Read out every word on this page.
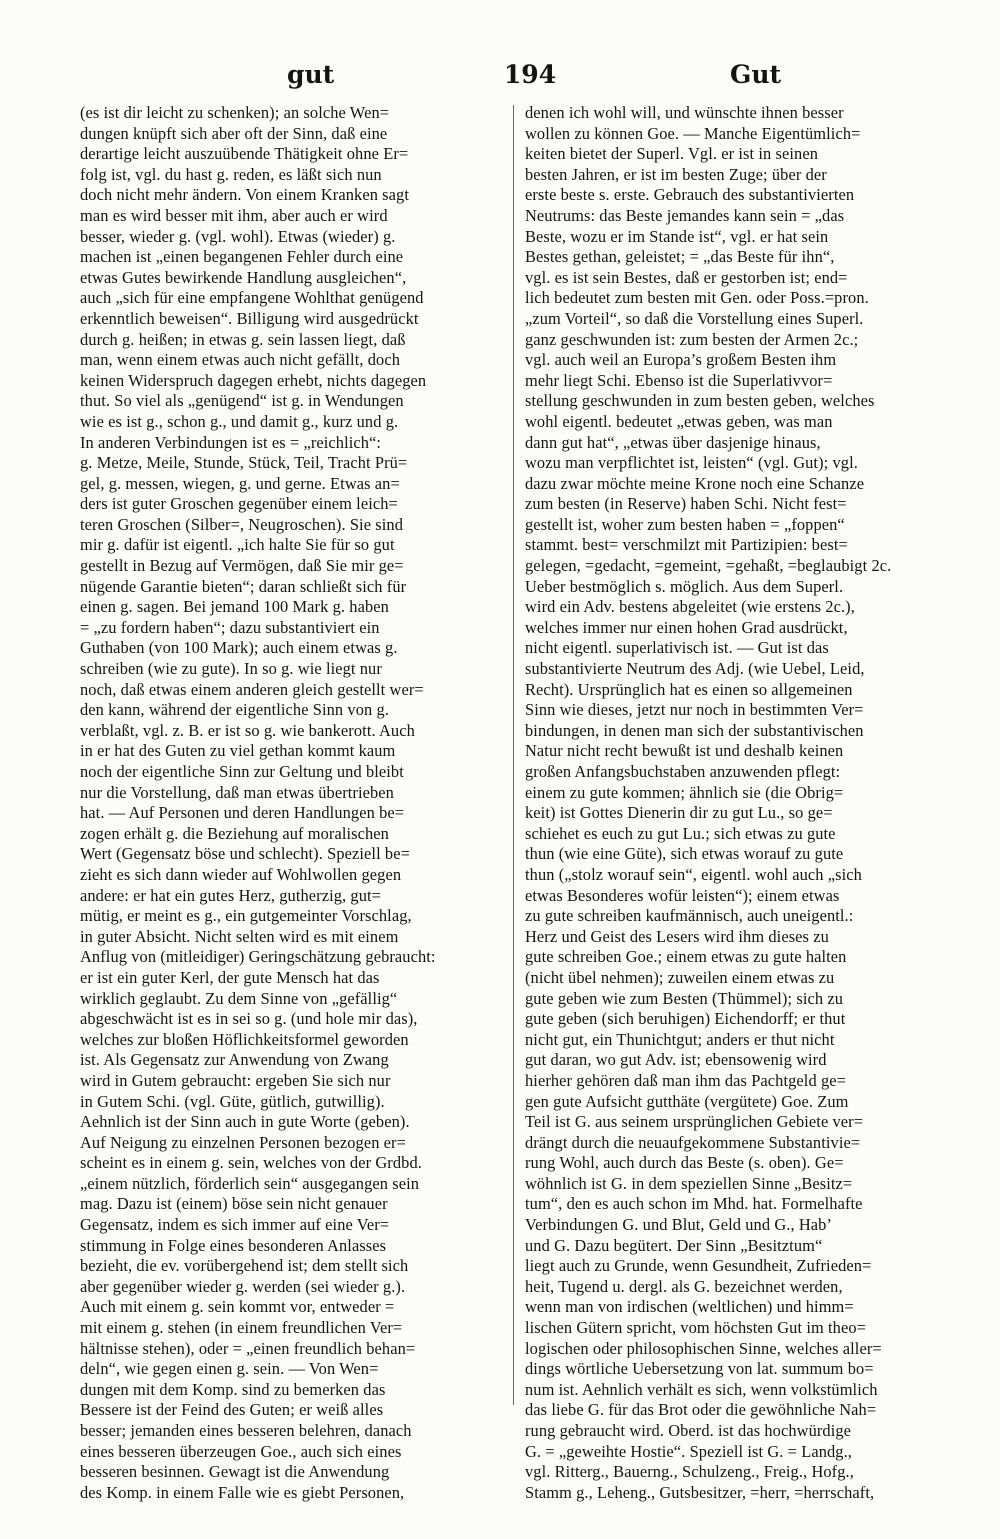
gut	194	Gut
(es ist dir leicht zu schenken); an solche Wen=
dungen knüpft sich aber oft der Sinn, daß eine
derartige leicht auszuübende Thätigkeit ohne Er=
folg ist, vgl. du hast g. reden, es läßt sich nun
doch nicht mehr ändern. Von einem Kranken sagt
man es wird besser mit ihm, aber auch er wird
besser, wieder g. (vgl. wohl). Etwas (wieder) g.
machen ist „einen begangenen Fehler durch eine
etwas Gutes bewirkende Handlung ausgleichen“,
auch „sich für eine empfangene Wohlthat genügend
erkenntlich beweisen“. Billigung wird ausgedrückt
durch g. heißen; in etwas g. sein lassen liegt, daß
man, wenn einem etwas auch nicht gefällt, doch
keinen Widerspruch dagegen erhebt, nichts dagegen
thut. So viel als „genügend“ ist g. in Wendungen
wie es ist g., schon g., und damit g., kurz und g.
In anderen Verbindungen ist es = „reichlich“:
g. Metze, Meile, Stunde, Stück, Teil, Tracht Prü=
gel, g. messen, wiegen, g. und gerne. Etwas an=
ders ist guter Groschen gegenüber einem leich=
teren Groschen (Silber=, Neugroschen). Sie sind
mir g. dafür ist eigentl. „ich halte Sie für so gut
gestellt in Bezug auf Vermögen, daß Sie mir ge=
nügende Garantie bieten“; daran schließt sich für
einen g. sagen. Bei jemand 100 Mark g. haben
= „zu fordern haben“; dazu substantiviert ein
Guthaben (von 100 Mark); auch einem etwas g.
schreiben (wie zu gute). In so g. wie liegt nur
noch, daß etwas einem anderen gleich gestellt wer=
den kann, während der eigentliche Sinn von g.
verblaßt, vgl. z. B. er ist so g. wie bankerott. Auch
in er hat des Guten zu viel gethan kommt kaum
noch der eigentliche Sinn zur Geltung und bleibt
nur die Vorstellung, daß man etwas übertrieben
hat. — Auf Personen und deren Handlungen be=
zogen erhält g. die Beziehung auf moralischen
Wert (Gegensatz böse und schlecht). Speziell be=
zieht es sich dann wieder auf Wohlwollen gegen
andere: er hat ein gutes Herz, gutherzig, gut=
mütig, er meint es g., ein gutgemeinter Vorschlag,
in guter Absicht. Nicht selten wird es mit einem
Anflug von (mitleidiger) Geringschätzung gebraucht:
er ist ein guter Kerl, der gute Mensch hat das
wirklich geglaubt. Zu dem Sinne von „gefällig“
abgeschwächt ist es in sei so g. (und hole mir das),
welches zur bloßen Höflichkeitsformel geworden
ist. Als Gegensatz zur Anwendung von Zwang
wird in Gutem gebraucht: ergeben Sie sich nur
in Gutem Schi. (vgl. Güte, gütlich, gutwillig).
Aehnlich ist der Sinn auch in gute Worte (geben).
Auf Neigung zu einzelnen Personen bezogen er=
scheint es in einem g. sein, welches von der Grdbd.
„einem nützlich, förderlich sein“ ausgegangen sein
mag. Dazu ist (einem) böse sein nicht genauer
Gegensatz, indem es sich immer auf eine Ver=
stimmung in Folge eines besonderen Anlasses
bezieht, die ev. vorübergehend ist; dem stellt sich
aber gegenüber wieder g. werden (sei wieder g.).
Auch mit einem g. sein kommt vor, entweder =
mit einem g. stehen (in einem freundlichen Ver=
hältnisse stehen), oder = „einen freundlich behan=
deln“, wie gegen einen g. sein. — Von Wen=
dungen mit dem Komp. sind zu bemerken das
Bessere ist der Feind des Guten; er weiß alles
besser; jemanden eines besseren belehren, danach
eines besseren überzeugen Goe., auch sich eines
besseren besinnen. Gewagt ist die Anwendung
des Komp. in einem Falle wie es giebt Personen,
denen ich wohl will, und wünschte ihnen besser
wollen zu können Goe. — Manche Eigentümlich=
keiten bietet der Superl. Vgl. er ist in seinen
besten Jahren, er ist im besten Zuge; über der
erste beste s. erste. Gebrauch des substantivierten
Neutrums: das Beste jemandes kann sein = „das
Beste, wozu er im Stande ist“, vgl. er hat sein
Bestes gethan, geleistet; = „das Beste für ihn“,
vgl. es ist sein Bestes, daß er gestorben ist; end=
lich bedeutet zum besten mit Gen. oder Poss.=pron.
„zum Vorteil“, so daß die Vorstellung eines Superl.
ganz geschwunden ist: zum besten der Armen 2c.;
vgl. auch weil an Europa’s großem Besten ihm
mehr liegt Schi. Ebenso ist die Superlativvor=
stellung geschwunden in zum besten geben, welches
wohl eigentl. bedeutet „etwas geben, was man
dann gut hat“, „etwas über dasjenige hinaus,
wozu man verpflichtet ist, leisten“ (vgl. Gut); vgl.
dazu zwar möchte meine Krone noch eine Schanze
zum besten (in Reserve) haben Schi. Nicht fest=
gestellt ist, woher zum besten haben = „foppen“
stammt. best= verschmilzt mit Partizipien: best=
gelegen, =gedacht, =gemeint, =gehaßt, =beglaubigt 2c.
Ueber bestmöglich s. möglich. Aus dem Superl.
wird ein Adv. bestens abgeleitet (wie erstens 2c.),
welches immer nur einen hohen Grad ausdrückt,
nicht eigentl. superlativisch ist. — Gut ist das
substantivierte Neutrum des Adj. (wie Uebel, Leid,
Recht). Ursprünglich hat es einen so allgemeinen
Sinn wie dieses, jetzt nur noch in bestimmten Ver=
bindungen, in denen man sich der substantivischen
Natur nicht recht bewußt ist und deshalb keinen
großen Anfangsbuchstaben anzuwenden pflegt:
einem zu gute kommen; ähnlich sie (die Obrig=
keit) ist Gottes Dienerin dir zu gut Lu., so ge=
schiehet es euch zu gut Lu.; sich etwas zu gute
thun (wie eine Güte), sich etwas worauf zu gute
thun („stolz worauf sein“, eigentl. wohl auch „sich
etwas Besonderes wofür leisten“); einem etwas
zu gute schreiben kaufmännisch, auch uneigentl.:
Herz und Geist des Lesers wird ihm dieses zu
gute schreiben Goe.; einem etwas zu gute halten
(nicht übel nehmen); zuweilen einem etwas zu
gute geben wie zum Besten (Thümmel); sich zu
gute geben (sich beruhigen) Eichendorff; er thut
nicht gut, ein Thunichtgut; anders er thut nicht
gut daran, wo gut Adv. ist; ebensowenig wird
hierher gehören daß man ihm das Pachtgeld ge=
gen gute Aufsicht gutthäte (vergütete) Goe. Zum
Teil ist G. aus seinem ursprünglichen Gebiete ver=
drängt durch die neuaufgekommene Substantivie=
rung Wohl, auch durch das Beste (s. oben). Ge=
wöhnlich ist G. in dem speziellen Sinne „Besitz=
tum“, den es auch schon im Mhd. hat. Formelhafte
Verbindungen G. und Blut, Geld und G., Hab’
und G. Dazu begütert. Der Sinn „Besitztum“
liegt auch zu Grunde, wenn Gesundheit, Zufrieden=
heit, Tugend u. dergl. als G. bezeichnet werden,
wenn man von irdischen (weltlichen) und himm=
lischen Gütern spricht, vom höchsten Gut im theo=
logischen oder philosophischen Sinne, welches aller=
dings wörtliche Uebersetzung von lat. summum bo=
num ist. Aehnlich verhält es sich, wenn volkstümlich
das liebe G. für das Brot oder die gewöhnliche Nah=
rung gebraucht wird. Oberd. ist das hochwürdige
G. = „geweihte Hostie“. Speziell ist G. = Landg.,
vgl. Ritterg., Bauerng., Schulzeng., Freig., Hofg.,
Stamm g., Leheng., Gutsbesitzer, =herr, =herrschaft,
